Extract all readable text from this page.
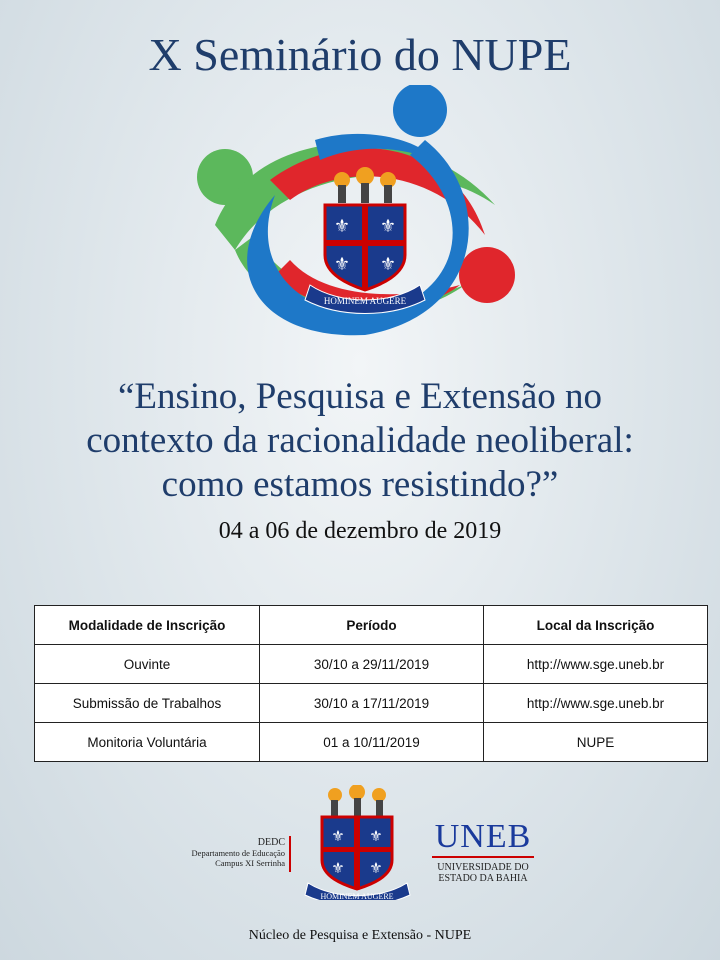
X Seminário do NUPE
⚜ ⚜
⚜ ⚜
HOMINEM AUGERE
“Ensino, Pesquisa e Extensão no
contexto da racionalidade neoliberal:
como estamos resistindo?”
04 a 06 de dezembro de 2019
Modalidade de Inscrição	Período	Local da Inscrição
Ouvinte	30/10 a 29/11/2019	http://www.sge.uneb.br
Submissão de Trabalhos	30/10 a 17/11/2019	http://www.sge.uneb.br
Monitoria Voluntária	01 a 10/11/2019	NUPE
DEDC
Departamento de Educação
Campus XI Serrinha
⚜ ⚜
⚜ ⚜
HOMINEM AUGERE
UNEB
UNIVERSIDADE DO
ESTADO DA BAHIA
Núcleo de Pesquisa e Extensão - NUPE
